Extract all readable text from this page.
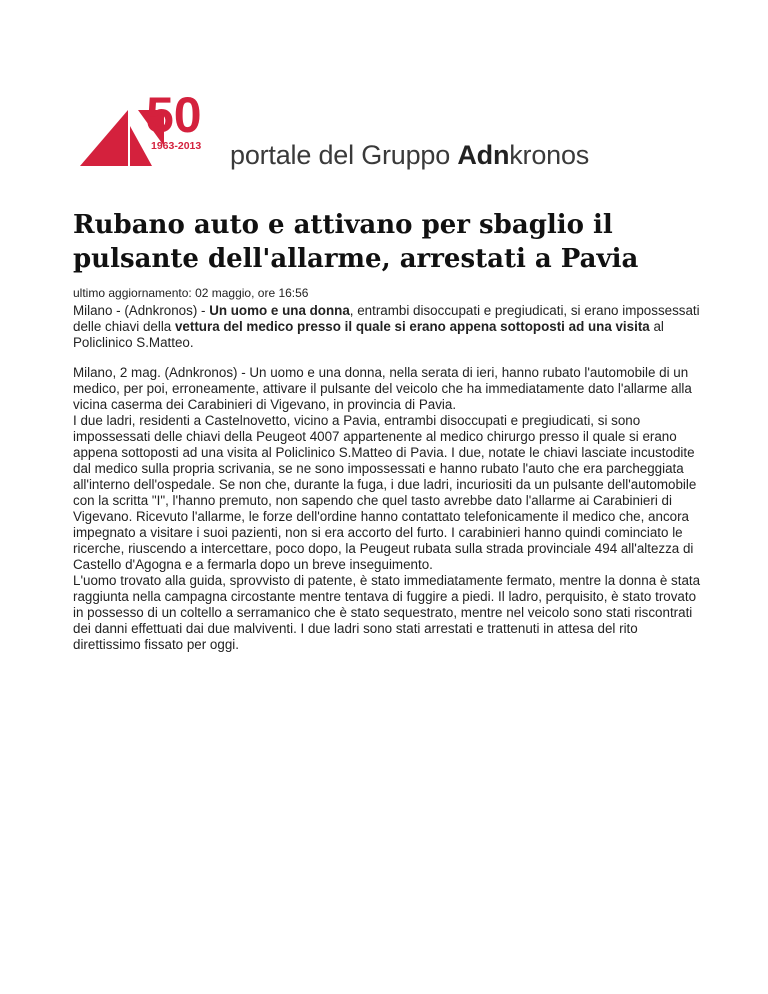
50
1963-2013 portale del Gruppo Adnkronos
Rubano auto e attivano per sbaglio il pulsante dell'allarme, arrestati a Pavia
ultimo aggiornamento: 02 maggio, ore 16:56

Milano - (Adnkronos) - Un uomo e una donna, entrambi disoccupati e pregiudicati, si erano impossessati delle chiavi della vettura del medico presso il quale si erano appena sottoposti ad una visita al Policlinico S.Matteo.

Milano, 2 mag. (Adnkronos) - Un uomo e una donna, nella serata di ieri, hanno rubato l'automobile di un medico, per poi, erroneamente, attivare il pulsante del veicolo che ha immediatamente dato l'allarme alla vicina caserma dei Carabinieri di Vigevano, in provincia di Pavia.

I due ladri, residenti a Castelnovetto, vicino a Pavia, entrambi disoccupati e pregiudicati, si sono impossessati delle chiavi della Peugeot 4007 appartenente al medico chirurgo presso il quale si erano appena sottoposti ad una visita al Policlinico S.Matteo di Pavia. I due, notate le chiavi lasciate incustodite dal medico sulla propria scrivania, se ne sono impossessati e hanno rubato l'auto che era parcheggiata all'interno dell'ospedale. Se non che, durante la fuga, i due ladri, incuriositi da un pulsante dell'automobile con la scritta "I", l'hanno premuto, non sapendo che quel tasto avrebbe dato l'allarme ai Carabinieri di Vigevano. Ricevuto l'allarme, le forze dell'ordine hanno contattato telefonicamente il medico che, ancora impegnato a visitare i suoi pazienti, non si era accorto del furto. I carabinieri hanno quindi cominciato le ricerche, riuscendo a intercettare, poco dopo, la Peugeut rubata sulla strada provinciale 494 all'altezza di Castello d'Agogna e a fermarla dopo un breve inseguimento.

L'uomo trovato alla guida, sprovvisto di patente, è stato immediatamente fermato, mentre la donna è stata raggiunta nella campagna circostante mentre tentava di fuggire a piedi. Il ladro, perquisito, è stato trovato in possesso di un coltello a serramanico che è stato sequestrato, mentre nel veicolo sono stati riscontrati dei danni effettuati dai due malviventi. I due ladri sono stati arrestati e trattenuti in attesa del rito direttissimo fissato per oggi.
